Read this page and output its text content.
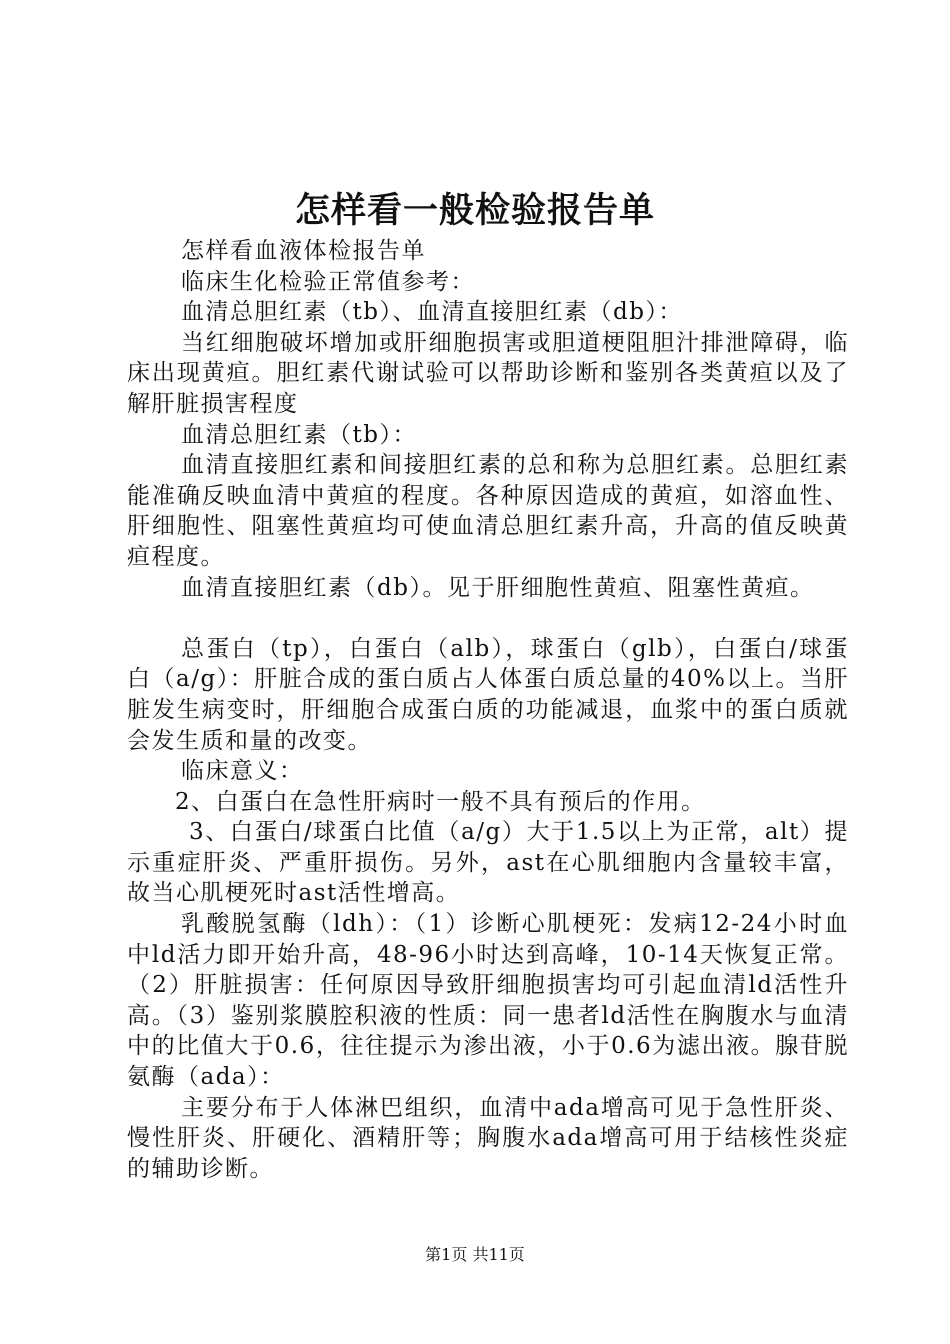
怎样看一般检验报告单

怎样看血液体检报告单

临床生化检验正常值参考：

血清总胆红素（tb）、血清直接胆红素（db）：

当红细胞破坏增加或肝细胞损害或胆道梗阻胆汁排泄障碍，临床出现黄疸。胆红素代谢试验可以帮助诊断和鉴别各类黄疸以及了解肝脏损害程度

血清总胆红素（tb）：

血清直接胆红素和间接胆红素的总和称为总胆红素。总胆红素能准确反映血清中黄疸的程度。各种原因造成的黄疸，如溶血性、肝细胞性、阻塞性黄疸均可使血清总胆红素升高，升高的值反映黄疸程度。

血清直接胆红素（db）。见于肝细胞性黄疸、阻塞性黄疸。

总蛋白（tp），白蛋白（alb），球蛋白（glb），白蛋白/球蛋白（a/g）：肝脏合成的蛋白质占人体蛋白质总量的40%以上。当肝脏发生病变时，肝细胞合成蛋白质的功能减退，血浆中的蛋白质就会发生质和量的改变。

临床意义：

2、白蛋白在急性肝病时一般不具有预后的作用。

3、白蛋白/球蛋白比值（a/g）大于1.5以上为正常，alt）提示重症肝炎、严重肝损伤。另外，ast在心肌细胞内含量较丰富，故当心肌梗死时ast活性增高。

乳酸脱氢酶（ldh）：（1）诊断心肌梗死：发病12-24小时血中ld活力即开始升高，48-96小时达到高峰，10-14天恢复正常。（2）肝脏损害：任何原因导致肝细胞损害均可引起血清ld活性升高。（3）鉴别浆膜腔积液的性质：同一患者ld活性在胸腹水与血清中的比值大于0.6，往往提示为渗出液，小于0.6为滤出液。腺苷脱氨酶（ada）：

主要分布于人体淋巴组织，血清中ada增高可见于急性肝炎、慢性肝炎、肝硬化、酒精肝等；胸腹水ada增高可用于结核性炎症的辅助诊断。

第1页 共11页
